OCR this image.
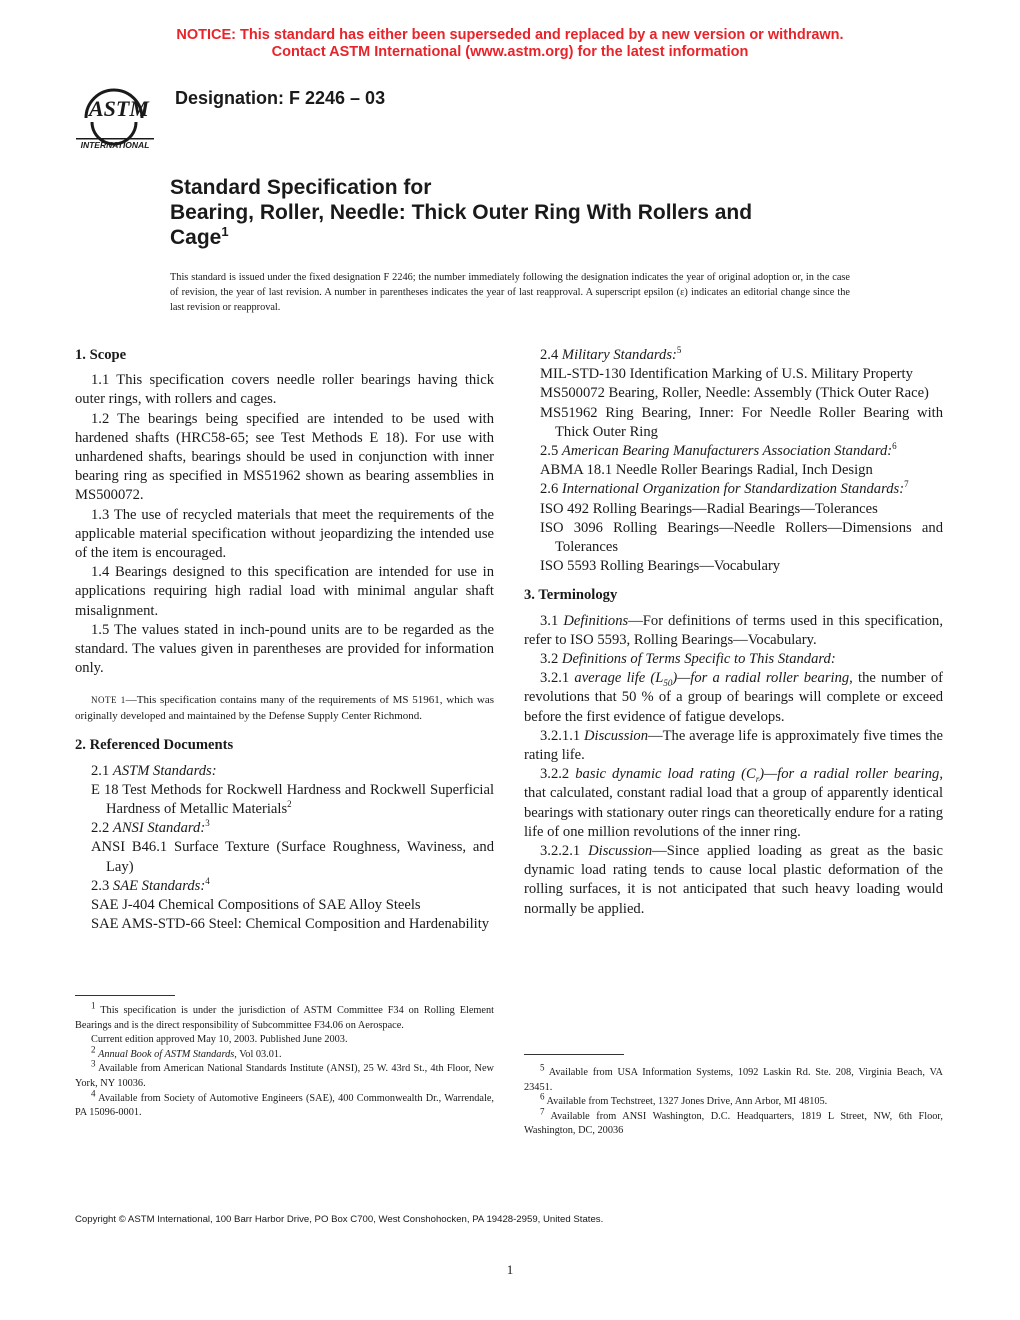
NOTICE: This standard has either been superseded and replaced by a new version or withdrawn.
Contact ASTM International (www.astm.org) for the latest information
ASTM
INTERNATIONAL
Designation: F 2246 – 03
Standard Specification for
Bearing, Roller, Needle: Thick Outer Ring With Rollers and
Cage$^1$
This standard is issued under the fixed designation F 2246; the number immediately following the designation indicates the year of original adoption or, in the case of revision, the year of last revision. A number in parentheses indicates the year of last reapproval. A superscript epsilon (ε) indicates an editorial change since the last revision or reapproval.

1. Scope

1.1 This specification covers needle roller bearings having thick outer rings, with rollers and cages.

1.2 The bearings being specified are intended to be used with hardened shafts (HRC58-65; see Test Methods E 18). For use with unhardened shafts, bearings should be used in conjunction with inner bearing ring as specified in MS51962 shown as bearing assemblies in MS500072.

1.3 The use of recycled materials that meet the requirements of the applicable material specification without jeopardizing the intended use of the item is encouraged.

1.4 Bearings designed to this specification are intended for use in applications requiring high radial load with minimal angular shaft misalignment.

1.5 The values stated in inch-pound units are to be regarded as the standard. The values given in parentheses are provided for information only.

NOTE 1—This specification contains many of the requirements of MS 51961, which was originally developed and maintained by the Defense Supply Center Richmond.

2. Referenced Documents

2.1 ASTM Standards:

E 18 Test Methods for Rockwell Hardness and Rockwell Superficial Hardness of Metallic Materials$^2$

2.2 ANSI Standard:$^3$

ANSI B46.1 Surface Texture (Surface Roughness, Waviness, and Lay)

2.3 SAE Standards:$^4$

SAE J-404 Chemical Compositions of SAE Alloy Steels

SAE AMS-STD-66 Steel: Chemical Composition and Hardenability

2.4 Military Standards:$^5$

MIL-STD-130 Identification Marking of U.S. Military Property

MS500072 Bearing, Roller, Needle: Assembly (Thick Outer Race)

MS51962 Ring Bearing, Inner: For Needle Roller Bearing with Thick Outer Ring

2.5 American Bearing Manufacturers Association Standard:$^6$

ABMA 18.1 Needle Roller Bearings Radial, Inch Design

2.6 International Organization for Standardization Standards:$^7$

ISO 492 Rolling Bearings—Radial Bearings—Tolerances

ISO 3096 Rolling Bearings—Needle Rollers—Dimensions and Tolerances

ISO 5593 Rolling Bearings—Vocabulary

3. Terminology

3.1 Definitions—For definitions of terms used in this specification, refer to ISO 5593, Rolling Bearings—Vocabulary.

3.2 Definitions of Terms Specific to This Standard:

3.2.1 average life $(L_{50})—for$ a radial roller bearing, the number of revolutions that 50 % of a group of bearings will complete or exceed before the first evidence of fatigue develops.

3.2.1.1 Discussion—The average life is approximately five times the rating life.

3.2.2 basic dynamic load rating $(C_r)—for$ a radial roller bearing, that calculated, constant radial load that a group of apparently identical bearings with stationary outer rings can theoretically endure for a rating life of one million revolutions of the inner ring.

3.2.2.1 Discussion—Since applied loading as great as the basic dynamic load rating tends to cause local plastic deformation of the rolling surfaces, it is not anticipated that such heavy loading would normally be applied.

$^1$ This specification is under the jurisdiction of ASTM Committee F34 on Rolling Element Bearings and is the direct responsibility of Subcommittee F34.06 on Aerospace.

Current edition approved May 10, 2003. Published June 2003.

$^2$ Annual Book of ASTM Standards, Vol 03.01.

$^3$ Available from American National Standards Institute (ANSI), 25 W. 43rd St., 4th Floor, New York, NY 10036.

$^4$ Available from Society of Automotive Engineers (SAE), 400 Commonwealth Dr., Warrendale, PA 15096-0001.

$^5$ Available from USA Information Systems, 1092 Laskin Rd. Ste. 208, Virginia Beach, VA 23451.

$^6$ Available from Techstreet, 1327 Jones Drive, Ann Arbor, MI 48105.

$^7$ Available from ANSI Washington, D.C. Headquarters, 1819 L Street, NW, 6th Floor, Washington, DC, 20036

Copyright © ASTM International, 100 Barr Harbor Drive, PO Box C700, West Conshohocken, PA 19428-2959, United States.
1
